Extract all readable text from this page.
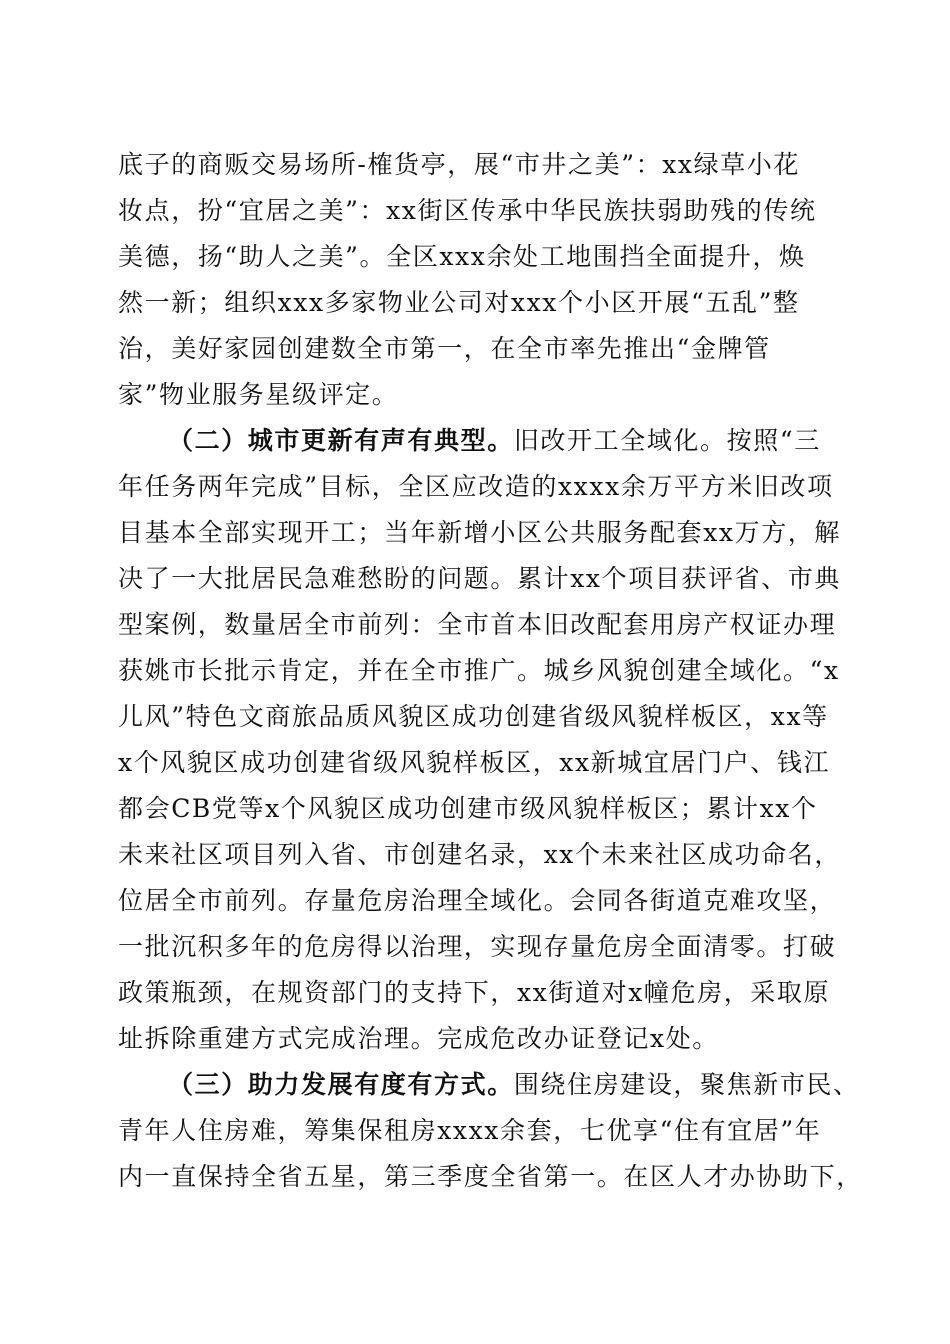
底子的商贩交易场所-榷货亭，展“市井之美”：xx绿草小花
妆点，扮“宜居之美”：xx街区传承中华民族扶弱助残的传统
美德，扬“助人之美”。全区xxx余处工地围挡全面提升，焕
然一新；组织xxx多家物业公司对xxx个小区开展“五乱”整
治，美好家园创建数全市第一，在全市率先推出“金牌管
家”物业服务星级评定。
（二）城市更新有声有典型。旧改开工全域化。按照“三
年任务两年完成”目标，全区应改造的xxxx余万平方米旧改项
目基本全部实现开工；当年新增小区公共服务配套xx万方，解
决了一大批居民急难愁盼的问题。累计xx个项目获评省、市典
型案例，数量居全市前列：全市首本旧改配套用房产权证办理
获姚市长批示肯定，并在全市推广。城乡风貌创建全域化。“x
儿风”特色文商旅品质风貌区成功创建省级风貌样板区，xx等
x个风貌区成功创建省级风貌样板区，xx新城宜居门户、钱江
都会CB党等x个风貌区成功创建市级风貌样板区；累计xx个
未来社区项目列入省、市创建名录，xx个未来社区成功命名，
位居全市前列。存量危房治理全域化。会同各街道克难攻坚，
一批沉积多年的危房得以治理，实现存量危房全面清零。打破
政策瓶颈，在规资部门的支持下，xx街道对x幢危房，采取原
址拆除重建方式完成治理。完成危改办证登记x处。
（三）助力发展有度有方式。围绕住房建设，聚焦新市民、
青年人住房难，筹集保租房xxxx余套，七优享“住有宜居”年
内一直保持全省五星，第三季度全省第一。在区人才办协助下，
